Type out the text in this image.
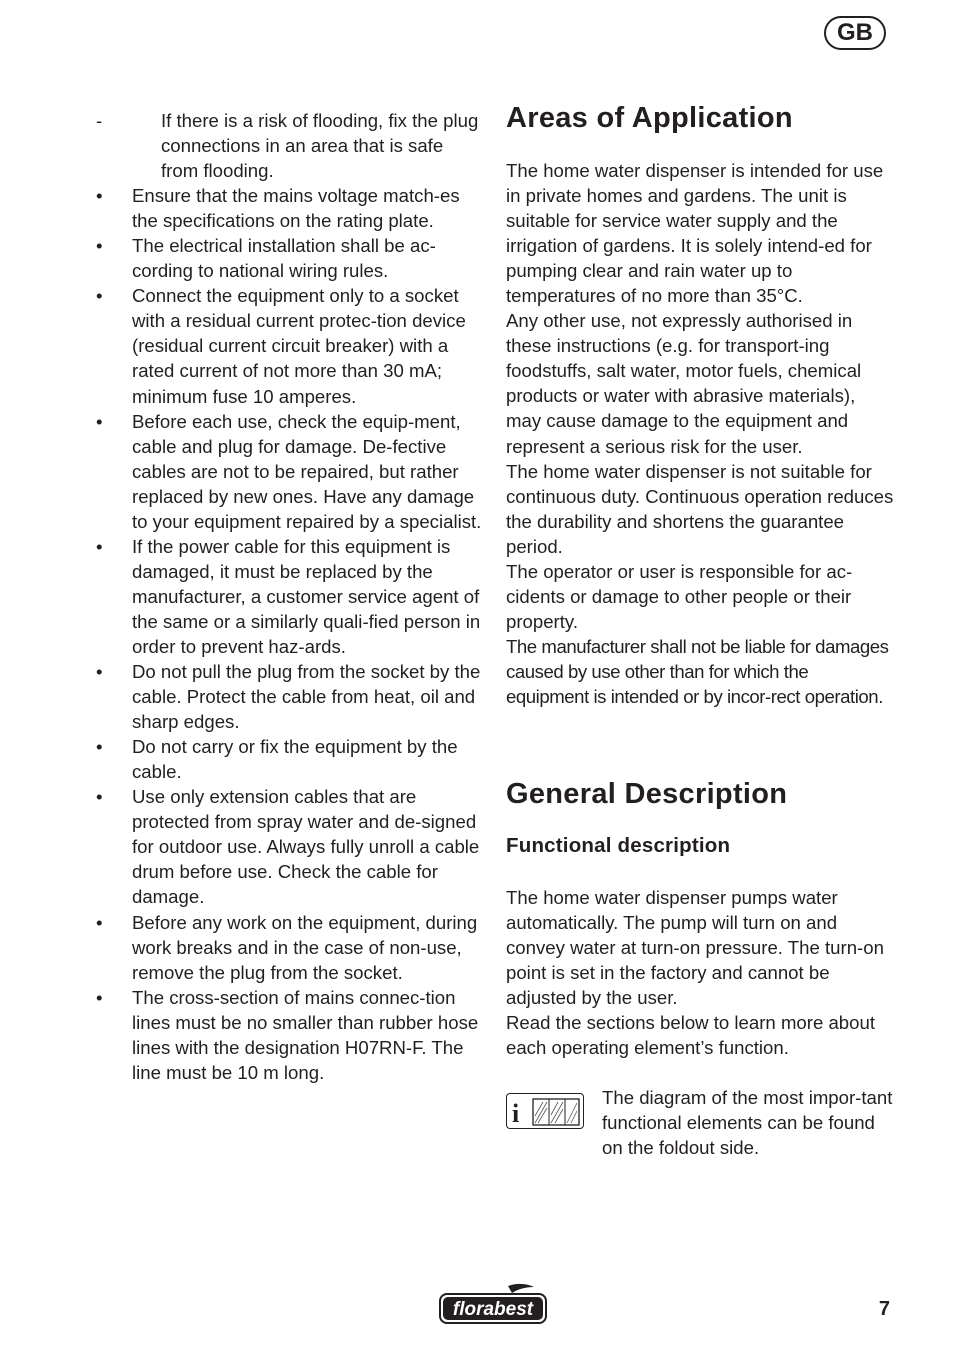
GB
-	If there is a risk of flooding, fix the plug connections in an area that is safe from flooding.
• Ensure that the mains voltage match-es the specifications on the rating plate.
• The electrical installation shall be ac-cording to national wiring rules.
• Connect the equipment only to a socket with a residual current protec-tion device (residual current circuit breaker) with a rated current of not more than 30 mA; minimum fuse 10 amperes.
• Before each use, check the equip-ment, cable and plug for damage. De-fective cables are not to be repaired, but rather replaced by new ones. Have any damage to your equipment repaired by a specialist.
• If the power cable for this equipment is damaged, it must be replaced by the manufacturer, a customer service agent of the same or a similarly quali-fied person in order to prevent haz-ards.
• Do not pull the plug from the socket by the cable. Protect the cable from heat, oil and sharp edges.
• Do not carry or fix the equipment by the cable.
• Use only extension cables that are protected from spray water and de-signed for outdoor use. Always fully unroll a cable drum before use. Check the cable for damage.
• Before any work on the equipment, during work breaks and in the case of non-use, remove the plug from the socket.
• The cross-section of mains connec-tion lines must be no smaller than rubber hose lines with the designation H07RN-F. The line must be 10 m long.
Areas of Application

The home water dispenser is intended for use in private homes and gardens. The unit is suitable for service water supply and the irrigation of gardens. It is solely intend-ed for pumping clear and rain water up to temperatures of no more than 35°C.

Any other use, not expressly authorised in these instructions (e.g. for transport-ing foodstuffs, salt water, motor fuels, chemical products or water with abrasive materials), may cause damage to the equipment and represent a serious risk for the user.

The home water dispenser is not suitable for continuous duty. Continuous operation reduces the durability and shortens the guarantee period.

The operator or user is responsible for ac-cidents or damage to other people or their property.

The manufacturer shall not be liable for damages caused by use other than for which the equipment is intended or by incor-rect operation.

General Description
Functional description

The home water dispenser pumps water automatically. The pump will turn on and convey water at turn-on pressure. The turn-on point is set in the factory and cannot be adjusted by the user.

Read the sections below to learn more about each operating element’s function.

i
The diagram of the most impor-tant functional elements can be found on the foldout side.
florabest	7
